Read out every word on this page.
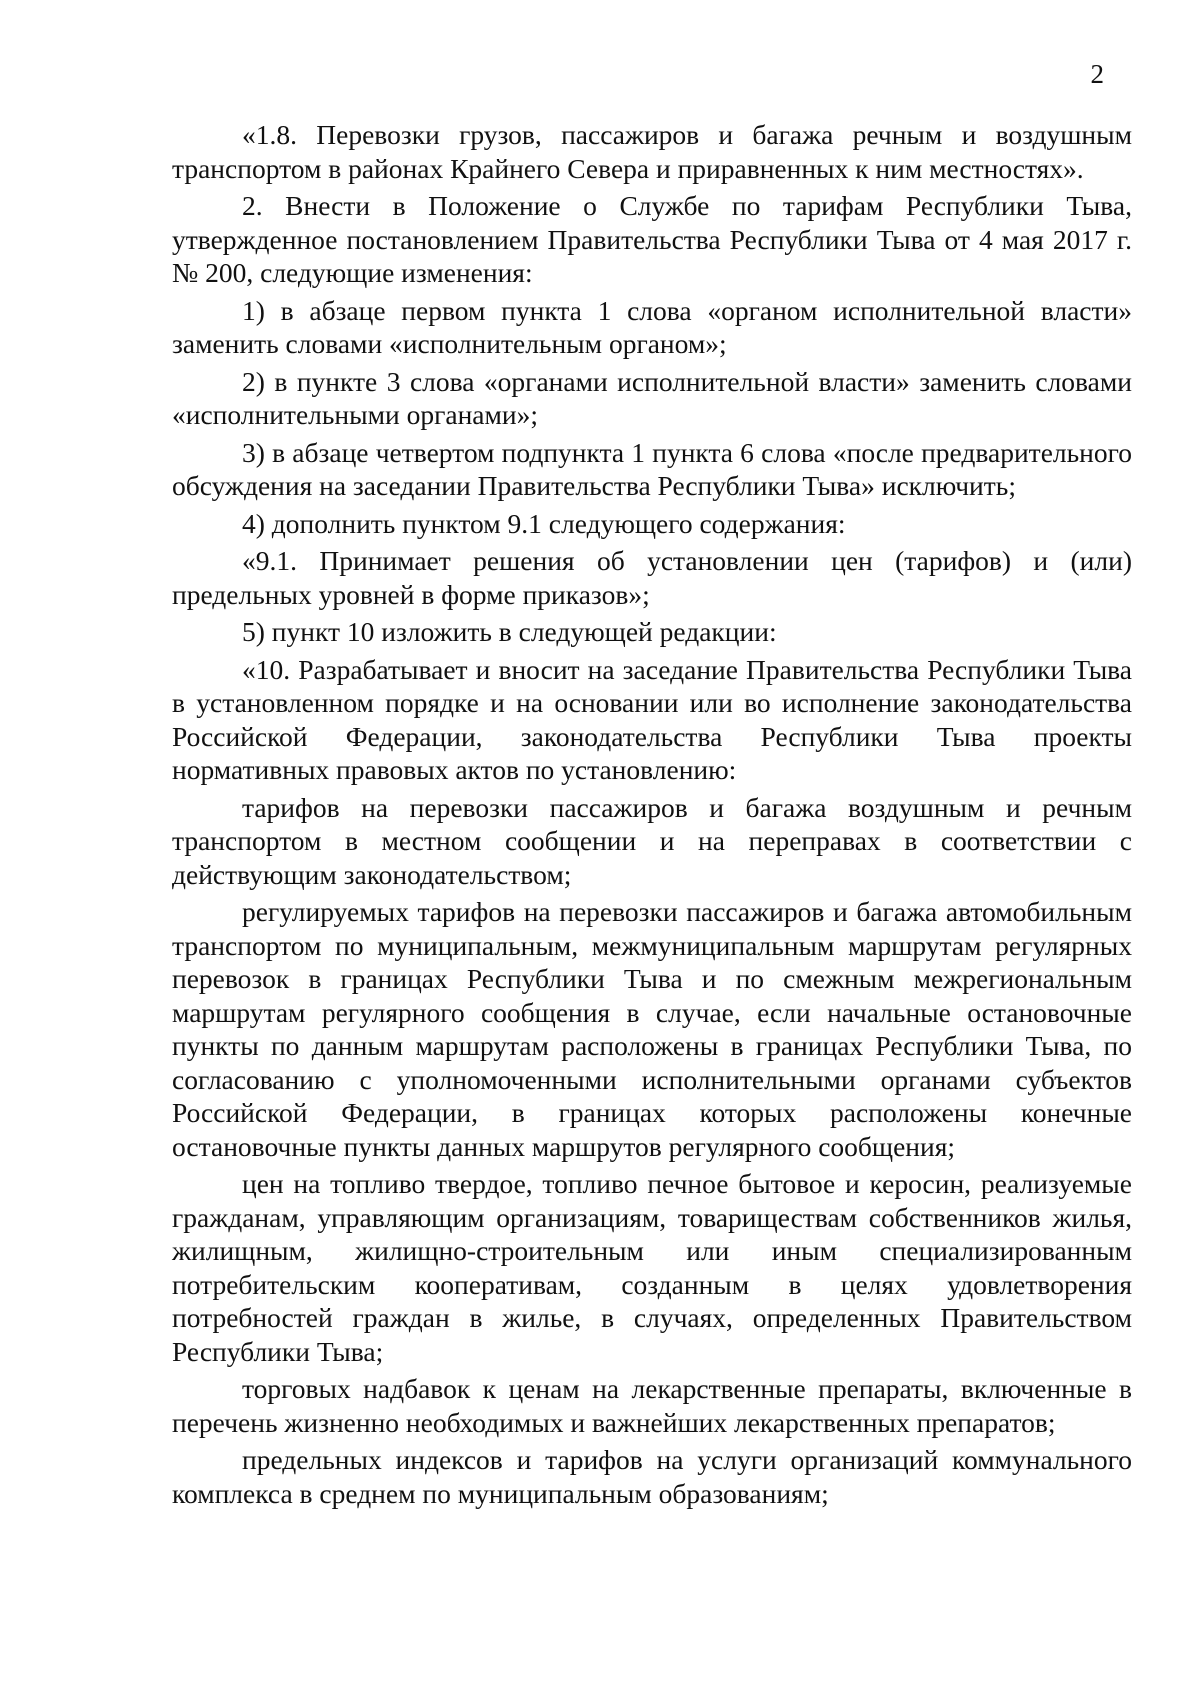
2

«1.8. Перевозки грузов, пассажиров и багажа речным и воздушным транспортом в районах Крайнего Севера и приравненных к ним местностях».

2. Внести в Положение о Службе по тарифам Республики Тыва, утвержденное постановлением Правительства Республики Тыва от 4 мая 2017 г. № 200, следующие изменения:

1) в абзаце первом пункта 1 слова «органом исполнительной власти» заменить словами «исполнительным органом»;

2) в пункте 3 слова «органами исполнительной власти» заменить словами «исполнительными органами»;

3) в абзаце четвертом подпункта 1 пункта 6 слова «после предварительного обсуждения на заседании Правительства Республики Тыва» исключить;

4) дополнить пунктом 9.1 следующего содержания:

«9.1. Принимает решения об установлении цен (тарифов) и (или) предельных уровней в форме приказов»;

5) пункт 10 изложить в следующей редакции:

«10. Разрабатывает и вносит на заседание Правительства Республики Тыва в установленном порядке и на основании или во исполнение законодательства Российской Федерации, законодательства Республики Тыва проекты нормативных правовых актов по установлению:

тарифов на перевозки пассажиров и багажа воздушным и речным транспортом в местном сообщении и на переправах в соответствии с действующим законодательством;

регулируемых тарифов на перевозки пассажиров и багажа автомобильным транспортом по муниципальным, межмуниципальным маршрутам регулярных перевозок в границах Республики Тыва и по смежным межрегиональным маршрутам регулярного сообщения в случае, если начальные остановочные пункты по данным маршрутам расположены в границах Республики Тыва, по согласованию с уполномоченными исполнительными органами субъектов Российской Федерации, в границах которых расположены конечные остановочные пункты данных маршрутов регулярного сообщения;

цен на топливо твердое, топливо печное бытовое и керосин, реализуемые гражданам, управляющим организациям, товариществам собственников жилья, жилищным, жилищно-строительным или иным специализированным потребительским кооперативам, созданным в целях удовлетворения потребностей граждан в жилье, в случаях, определенных Правительством Республики Тыва;

торговых надбавок к ценам на лекарственные препараты, включенные в перечень жизненно необходимых и важнейших лекарственных препаратов;

предельных индексов и тарифов на услуги организаций коммунального комплекса в среднем по муниципальным образованиям;
